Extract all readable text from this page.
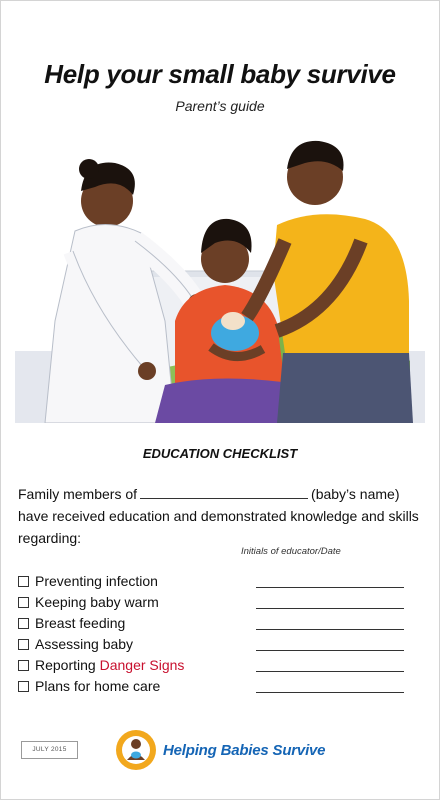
Help your small baby survive
Parent’s guide
EDUCATION CHECKLIST
Family members of	(baby’s name) have received education and demonstrated knowledge and skills regarding:
Initials of educator/Date
Preventing infection
Keeping baby warm
Breast feeding
Assessing baby
Reporting Danger Signs
Plans for home care
JULY 2015	Helping Babies Survive
